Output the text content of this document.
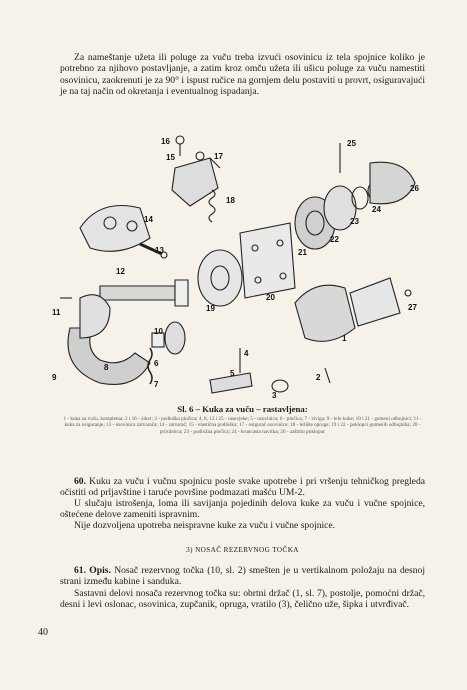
Za nameštanje užeta ili poluge za vuču treba izvući osovinicu iz tela spojnice koliko je potrebno za njihovo postavljanje, a zatim kroz omču užeta ili ušicu poluge za vuču namestiti osovinicu, zaokrenuti je za 90° i ispust ručice na gornjem delu postaviti u provrt, osiguravajući je na taj način od okretanja i eventualnog ispadanja.

16
15	17
18
14
13
12
11
10
9
8
7
6
5
4
3
2
1
19
20
21
22
23
24
25
26
27

Sl. 6 – Kuka za vuču – rastavljena:

1 - kuka za vuču, kompletna; 2 i 16 - ziker; 3 - podloška pločica; 4, 8, 12 i 25 - rasevjeke; 5 - osovinica; 6 - pločica; 7 - ziviga; 9 - telo kuke; 10 i 21 - gumeni odbojnici; 11 - kuka za osiguranje; 13 - osovinica zatvarača; 14 - zatvarač; 15 - elastična podloška; 17 - osigurač osovinice; 18 - ležište opruge; 19 i 22 - poklopci gumenih odbojnika; 20 - prirubnica; 23 - podložna pločica; 24 - kruncasta navrtka; 26 - zaštitni poklopac

60. Kuku za vuču i vučnu spojnicu posle svake upotrebe i pri vršenju tehničkog pregleda očistiti od prljavštine i taruće površine podmazati mašću UM-2.

U slučaju istrošenja, loma ili savijanja pojedinih delova kuke za vuču i vučne spojnice, oštećene delove zameniti ispravnim.

Nije dozvoljena upotreba neispravne kuke za vuču i vučne spojnice.

3) NOSAČ REZERVNOG TOČKA

61. Opis. Nosač rezervnog točka (10, sl. 2) smešten je u vertikalnom položaju na desnoj strani između kabine i sanduka.

Sastavni delovi nosača rezervnog točka su: obrtni držač (1, sl. 7), postolje, pomoćni držač, desni i levi oslonac, osovinica, zupčanik, opruga, vratilo (3), čelično uže, šipka i utvrđivač.

40
